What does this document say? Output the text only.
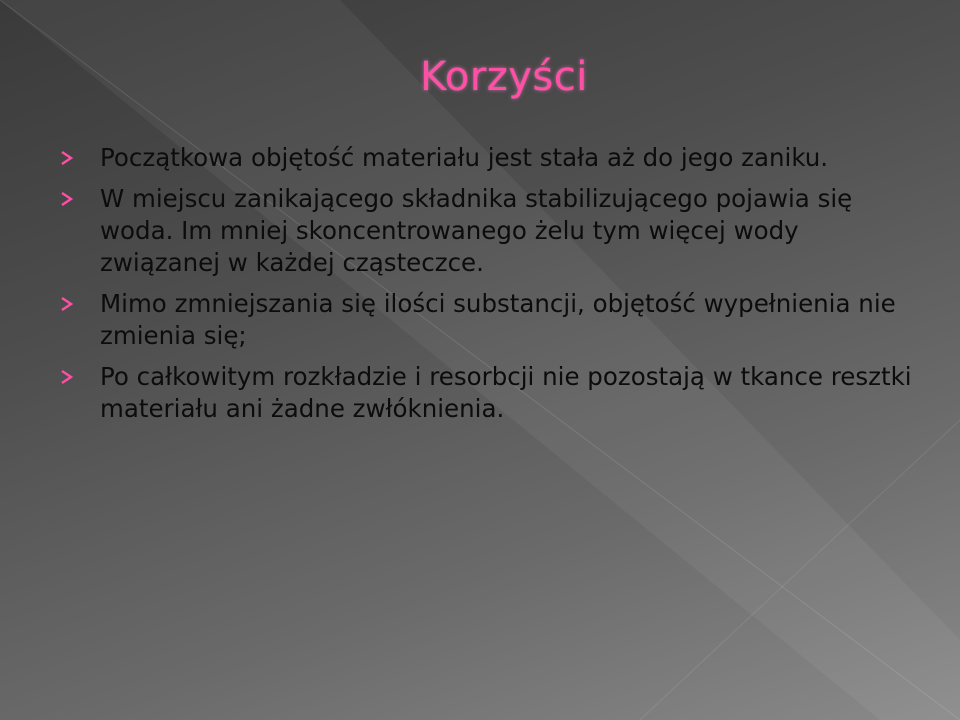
Korzyści
Początkowa objętość materiału jest stała aż do jego zaniku.
W miejscu zanikającego składnika stabilizującego pojawia się woda. Im mniej skoncentrowanego żelu tym więcej wody związanej w każdej cząsteczce.
Mimo zmniejszania się ilości substancji, objętość wypełnienia nie zmienia się;
Po całkowitym rozkładzie i resorbcji nie pozostają w tkance resztki materiału ani żadne zwłóknienia.
